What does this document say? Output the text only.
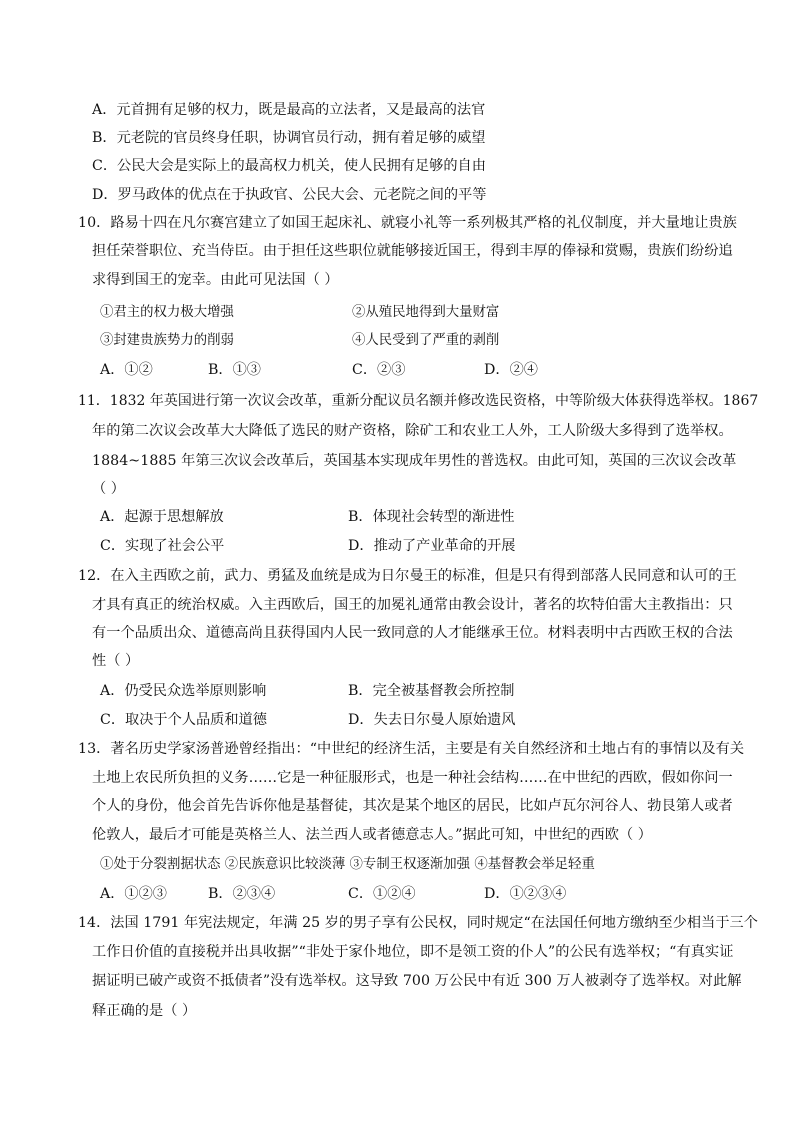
A．元首拥有足够的权力，既是最高的立法者，又是最高的法官
B．元老院的官员终身任职，协调官员行动，拥有着足够的威望
C．公民大会是实际上的最高权力机关，使人民拥有足够的自由
D．罗马政体的优点在于执政官、公民大会、元老院之间的平等
10．路易十四在凡尔赛宫建立了如国王起床礼、就寝小礼等一系列极其严格的礼仪制度，并大量地让贵族
担任荣誉职位、充当侍臣。由于担任这些职位就能够接近国王，得到丰厚的俸禄和赏赐，贵族们纷纷追
求得到国王的宠幸。由此可见法国（ ）
①君主的权力极大增强	②从殖民地得到大量财富
③封建贵族势力的削弱	④人民受到了严重的剥削
A．①②	B．①③	C．②③	D．②④
11．1832 年英国进行第一次议会改革，重新分配议员名额并修改选民资格，中等阶级大体获得选举权。1867
年的第二次议会改革大大降低了选民的财产资格，除矿工和农业工人外，工人阶级大多得到了选举权。
1884~1885 年第三次议会改革后，英国基本实现成年男性的普选权。由此可知，英国的三次议会改革
（ ）
A．起源于思想解放	B．体现社会转型的渐进性
C．实现了社会公平	D．推动了产业革命的开展
12．在入主西欧之前，武力、勇猛及血统是成为日尔曼王的标准，但是只有得到部落人民同意和认可的王
才具有真正的统治权威。入主西欧后，国王的加冕礼通常由教会设计，著名的坎特伯雷大主教指出：只
有一个品质出众、道德高尚且获得国内人民一致同意的人才能继承王位。材料表明中古西欧王权的合法
性（ ）
A．仍受民众选举原则影响	B．完全被基督教会所控制
C．取决于个人品质和道德	D．失去日尔曼人原始遗风
13．著名历史学家汤普逊曾经指出：“中世纪的经济生活，主要是有关自然经济和土地占有的事情以及有关
土地上农民所负担的义务……它是一种征服形式，也是一种社会结构……在中世纪的西欧，假如你问一
个人的身份，他会首先告诉你他是基督徒，其次是某个地区的居民，比如卢瓦尔河谷人、勃艮第人或者
伦敦人，最后才可能是英格兰人、法兰西人或者德意志人。”据此可知，中世纪的西欧（ ）
①处于分裂割据状态 ②民族意识比较淡薄 ③专制王权逐渐加强 ④基督教会举足轻重
A．①②③	B．②③④	C．①②④	D．①②③④
14．法国 1791 年宪法规定，年满 25 岁的男子享有公民权，同时规定“在法国任何地方缴纳至少相当于三个
工作日价值的直接税并出具收据”“非处于家仆地位，即不是领工资的仆人”的公民有选举权；“有真实证
据证明已破产或资不抵债者”没有选举权。这导致 700 万公民中有近 300 万人被剥夺了选举权。对此解
释正确的是（ ）
